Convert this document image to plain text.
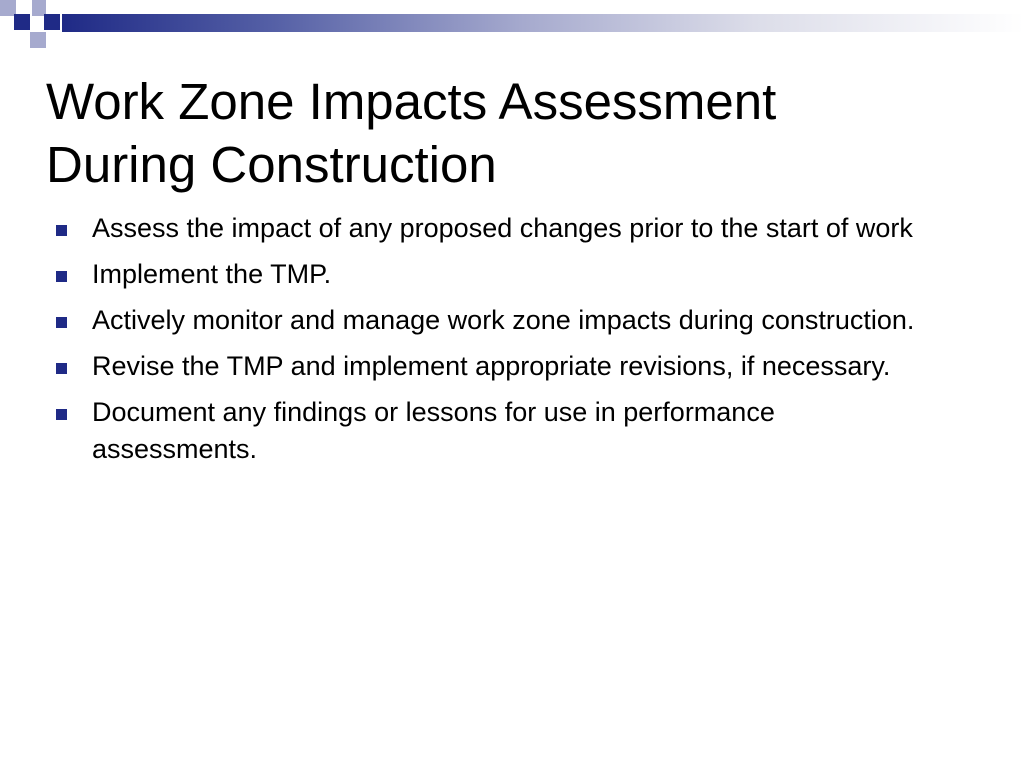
Work Zone Impacts Assessment
During Construction
Assess the impact of any proposed changes prior to the start of work
Implement the TMP.
Actively monitor and manage work zone impacts during construction.
Revise the TMP and implement appropriate revisions, if necessary.
Document any findings or lessons for use in performance assessments.
